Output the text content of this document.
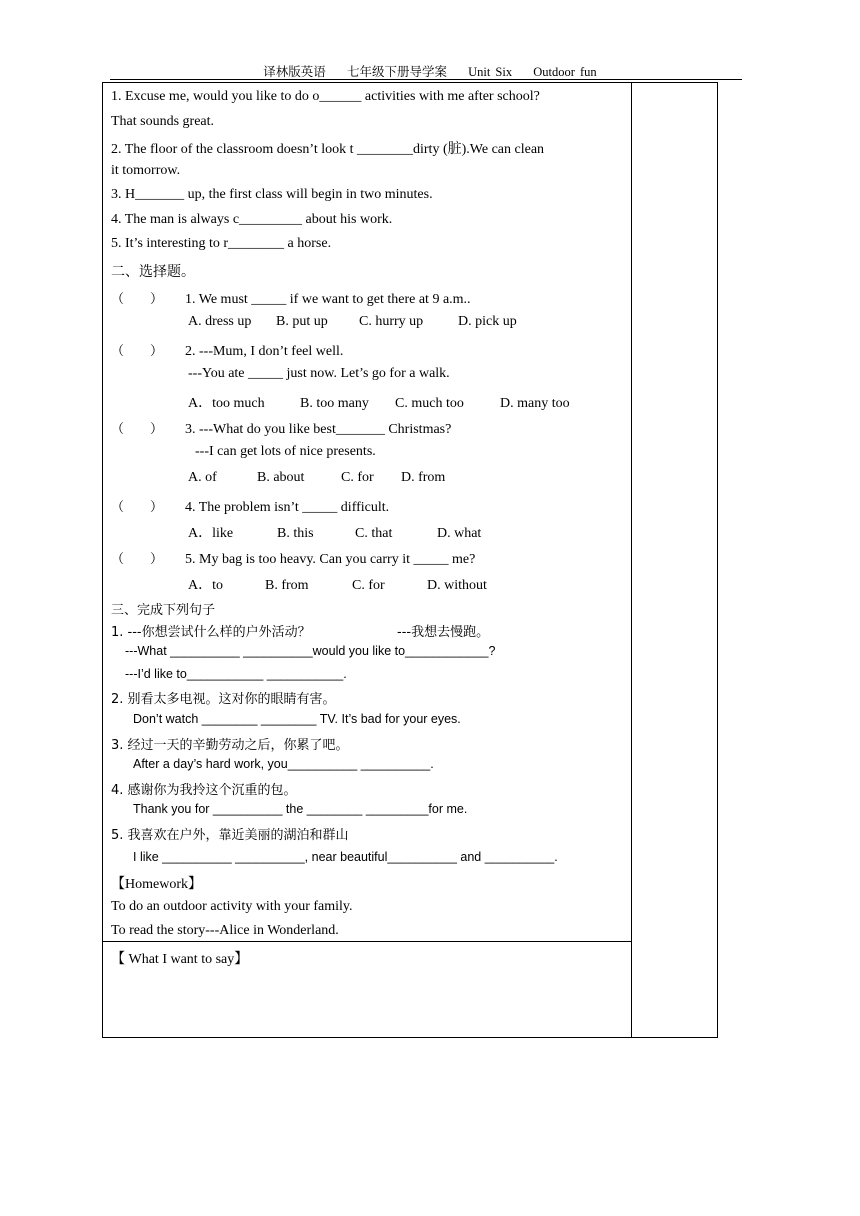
译林版英语 七年级下册导学案 Unit Six Outdoor fun
1. Excuse me, would you like to do o______ activities with me after school?
That sounds great.
2. The floor of the classroom doesn’t look t ________dirty (脏).We can clean
it tomorrow.
3. H_______ up, the first class will begin in two minutes.
4. The man is always c_________ about his work.
5. It’s interesting to r________ a horse.
二、选择题。
（　　） 1. We must _____ if we want to get there at 9 a.m..
A. dress up B. put up C. hurry up D. pick up
（　　） 2. ---Mum, I don’t feel well.
---You ate _____ just now. Let’s go for a walk.
A．too much	B. too many C. much too	D. many too
（　　） 3. ---What do you like best_______ Christmas?
---I can get lots of nice presents.
A. of	B. about	C. for D. from
（　　） 4. The problem isn’t _____ difficult.
A．like	B. this	C. that	D. what
（　　） 5. My bag is too heavy. Can you carry it _____ me?
A．to	B. from	C. for	D. without
三、完成下列句子
1. ---你想尝试什么样的户外活动？	---我想去慢跑。
---What __________ __________would you like to____________?
---I’d like to___________ ___________.
2. 别看太多电视。这对你的眼睛有害。
Don’t watch ________ ________ TV. It’s bad for your eyes.
3. 经过一天的辛勤劳动之后，你累了吧。
After a day’s hard work, you__________ __________.
4. 感谢你为我拎这个沉重的包。
Thank you for __________ the ________ _________for me.
5. 我喜欢在户外，靠近美丽的湖泊和群山
I like __________ __________, near beautiful__________ and __________.
【Homework】
To do an outdoor activity with your family.
To read the story---Alice in Wonderland.
【 What I want to say】
